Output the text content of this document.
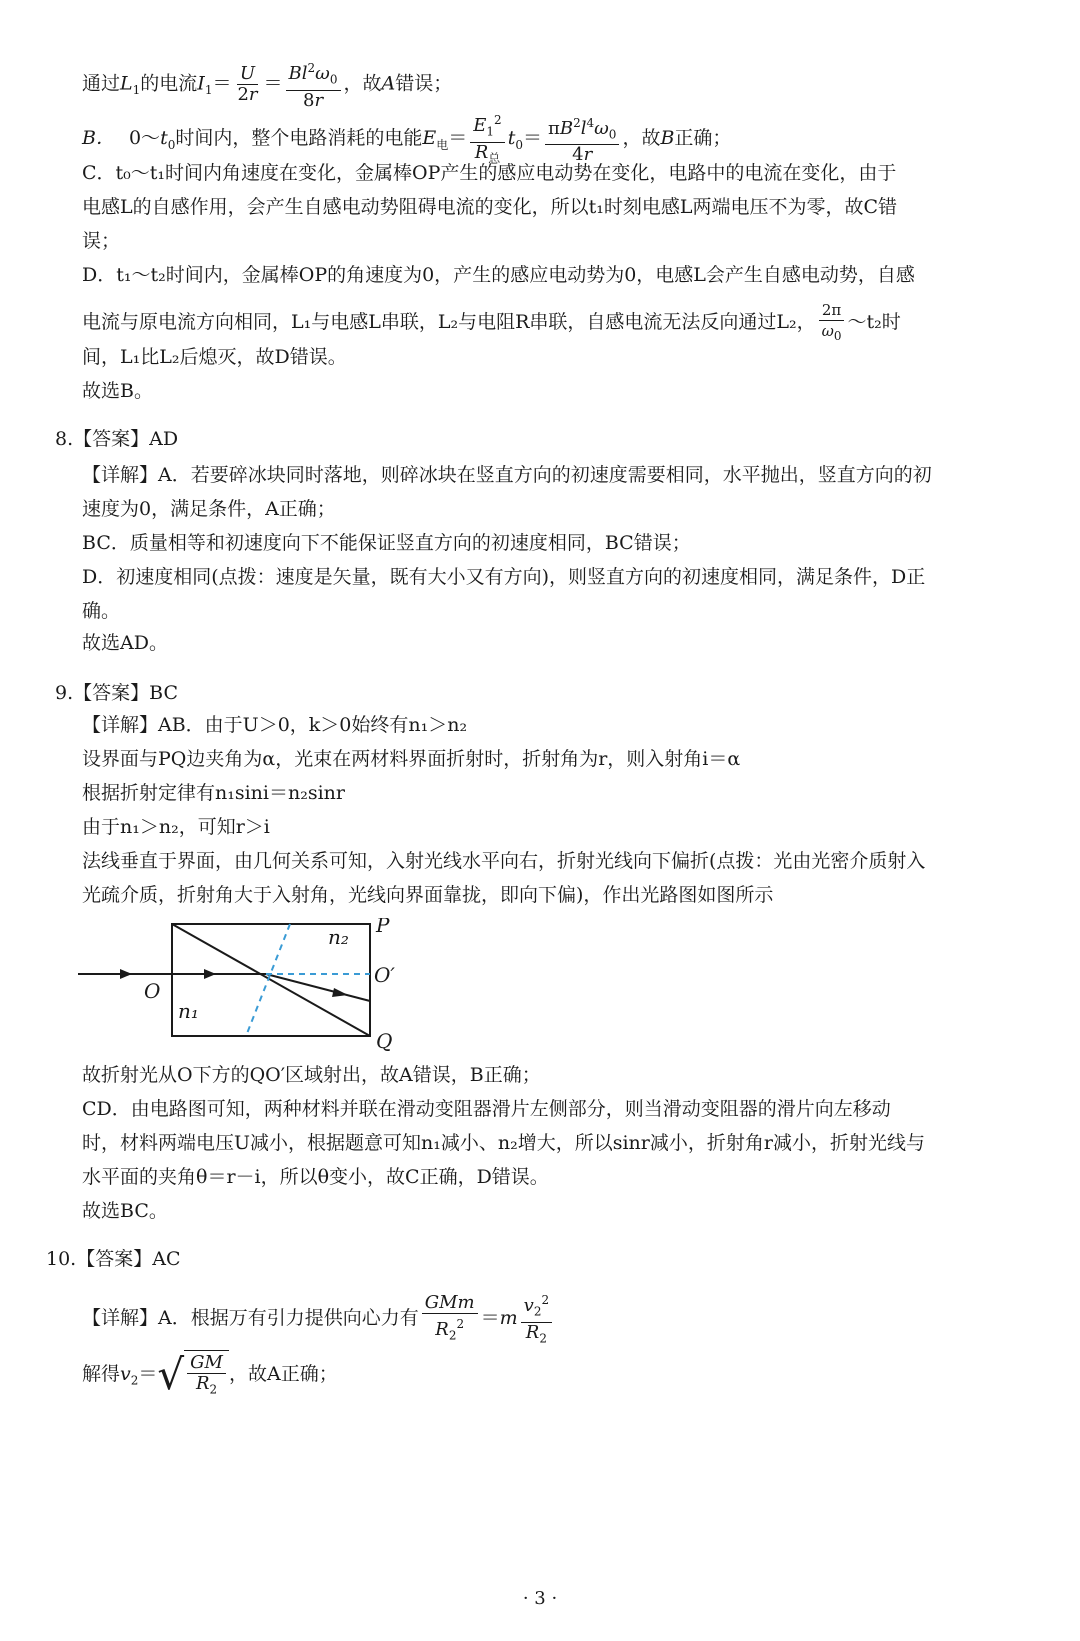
通过$L_1$的电流$I_1= \frac{U}{2r} = \frac{Bl^2\omega_0}{8r}$ ，故A错误；
B． $0\sim t_0$时间内，整个电路消耗的电能$E_电= \frac{E_1^2}{R_总} t_0= \frac{\pi B^2l^4\omega_0}{4r}$ ，故B正确；
C．t₀～t₁时间内角速度在变化，金属棒OP产生的感应电动势在变化，电路中的电流在变化，由于
电感L的自感作用，会产生自感电动势阻碍电流的变化，所以t₁时刻电感L两端电压不为零，故C错
误；
D．t₁～t₂时间内，金属棒OP的角速度为0，产生的感应电动势为0，电感L会产生自感电动势，自感
电流与原电流方向相同，L₁与电感L串联，L₂与电阻R串联，自感电流无法反向通过L₂， $\frac{2\pi}{\omega_0}$ ～t₂时
间，L₁比L₂后熄灭，故D错误。
故选B。
8.【答案】AD
【详解】A．若要碎冰块同时落地，则碎冰块在竖直方向的初速度需要相同，水平抛出，竖直方向的初
速度为0，满足条件，A正确；
BC．质量相等和初速度向下不能保证竖直方向的初速度相同，BC错误；
D．初速度相同(点拨：速度是矢量，既有大小又有方向)，则竖直方向的初速度相同，满足条件，D正
确。
故选AD。
9.【答案】BC
【详解】AB．由于U＞0，k＞0始终有n₁＞n₂
设界面与PQ边夹角为α，光束在两材料界面折射时，折射角为r，则入射角i＝α
根据折射定律有n₁sini＝n₂sinr
由于n₁＞n₂，可知r＞i
法线垂直于界面，由几何关系可知，入射光线水平向右，折射光线向下偏折(点拨：光由光密介质射入
光疏介质，折射角大于入射角，光线向界面靠拢，即向下偏)，作出光路图如图所示
P
Q
O
O′
n₁
n₂
故折射光从O下方的QO′区域射出，故A错误，B正确；
CD．由电路图可知，两种材料并联在滑动变阻器滑片左侧部分，则当滑动变阻器的滑片向左移动
时，材料两端电压U减小，根据题意可知n₁减小、n₂增大，所以sinr减小，折射角r减小，折射光线与
水平面的夹角θ＝r－i，所以θ变小，故C正确，D错误。
故选BC。
10.【答案】AC
【详解】A．根据万有引力提供向心力有 $\frac{\text{GMm}}{R_2^2} =m \frac{v_2^2}{R_2}$
解得$v_2=$ √ $\frac{GM}{R_2}$ ，故A正确；
· 3 ·
